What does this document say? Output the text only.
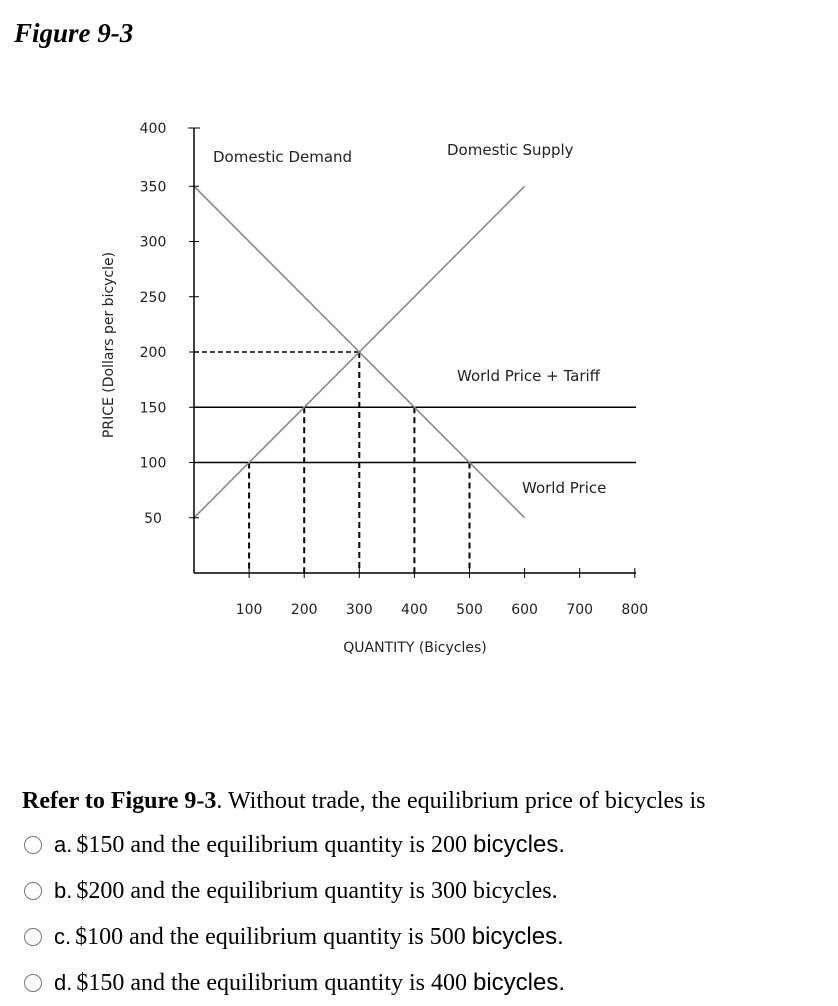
Figure 9-3
50
100
150
200
250
300
350
400
100 200 300 400 500 600 700 800
PRICE (Dollars per bicycle)
QUANTITY (Bicycles)
Domestic Demand	Domestic Supply
World Price + Tariff
World Price
Refer to Figure 9-3. Without trade, the equilibrium price of bicycles is
a. $150 and the equilibrium quantity is 200
bicycles.
b. $200 and the equilibrium quantity is 300 bicycles.
c. $100 and the equilibrium quantity is 500
bicycles.
d. $150 and the equilibrium quantity is 400
bicycles.
